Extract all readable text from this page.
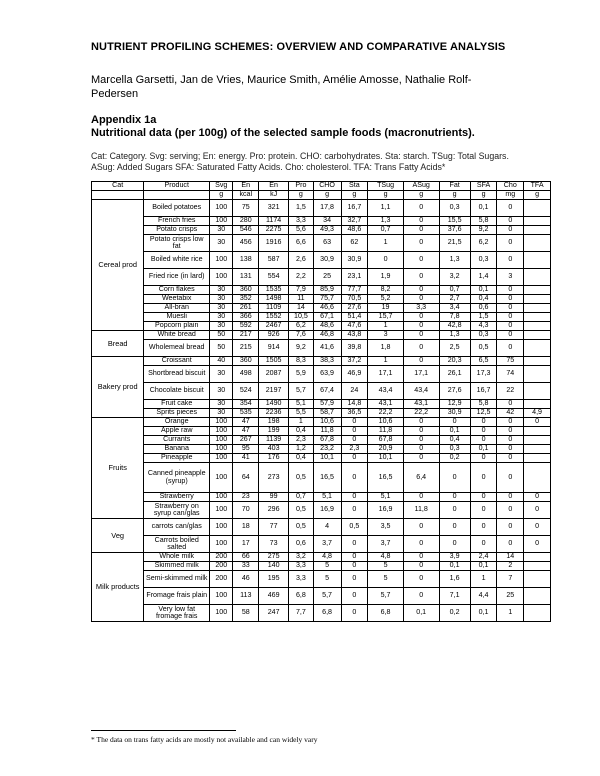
NUTRIENT PROFILING SCHEMES: OVERVIEW AND COMPARATIVE ANALYSIS
Marcella Garsetti, Jan de Vries, Maurice Smith, Amélie Amosse, Nathalie Rolf-Pedersen
Appendix 1a
Nutritional data (per 100g) of the selected sample foods (macronutrients).
Cat: Category. Svg: serving; En: energy. Pro: protein. CHO: carbohydrates. Sta: starch. TSug: Total Sugars. ASug: Added Sugars SFA: Saturated Fatty Acids. Cho: cholesterol. TFA: Trans Fatty Acids*
Cat	Product	Svg	En	En	Pro	CHO	Sta	TSug	ASug	Fat	SFA	Cho	TFA
		g	kcal	kJ	g	g	g	g	g	g	g	mg	g
Cereal prod	Boiled potatoes	100	75	321	1,5	17,8	16,7	1,1	0	0,3	0,1	0	
	French fries	100	280	1174	3,3	34	32,7	1,3	0	15,5	5,8	0	
	Potato crisps	30	546	2275	5,6	49,3	48,6	0,7	0	37,6	9,2	0	
	Potato crisps low fat	30	456	1916	6,6	63	62	1	0	21,5	6,2	0	
	Boiled white rice	100	138	587	2,6	30,9	30,9	0	0	1,3	0,3	0	
	Fried rice (in lard)	100	131	554	2,2	25	23,1	1,9	0	3,2	1,4	3	
	Corn flakes	30	360	1535	7,9	85,9	77,7	8,2	0	0,7	0,1	0	
	Weetabix	30	352	1498	11	75,7	70,5	5,2	0	2,7	0,4	0	
	All-bran	30	261	1109	14	46,6	27,6	19	3,3	3,4	0,6	0	
	Muesli	30	366	1552	10,5	67,1	51,4	15,7	0	7,8	1,5	0	
	Popcorn plain	30	592	2467	6,2	48,6	47,6	1	0	42,8	4,3	0	
Bread	White bread	50	217	926	7,6	46,8	43,8	3	0	1,3	0,3	0	
	Wholemeal bread	50	215	914	9,2	41,6	39,8	1,8	0	2,5	0,5	0	
Bakery prod	Croissant	40	360	1505	8,3	38,3	37,2	1	0	20,3	6,5	75	
	Shortbread biscuit	30	498	2087	5,9	63,9	46,9	17,1	17,1	26,1	17,3	74	
	Chocolate biscuit	30	524	2197	5,7	67,4	24	43,4	43,4	27,6	16,7	22	
	Fruit cake	30	354	1490	5,1	57,9	14,8	43,1	43,1	12,9	5,8	0	
	Sprits pieces	30	535	2236	5,5	58,7	36,5	22,2	22,2	30,9	12,5	42	4,9
Fruits	Orange	100	47	198	1	10,6	0	10,6	0	0	0	0	0
	Apple raw	100	47	199	0,4	11,8	0	11,8	0	0,1	0	0	
	Currants	100	267	1139	2,3	67,8	0	67,8	0	0,4	0	0	
	Banana	100	95	403	1,2	23,2	2,3	20,9	0	0,3	0,1	0	
	Pineapple	100	41	176	0,4	10,1	0	10,1	0	0,2	0	0	
	Canned pineapple (syrup)	100	64	273	0,5	16,5	0	16,5	6,4	0	0	0	
	Strawberry	100	23	99	0,7	5,1	0	5,1	0	0	0	0	0
	Strawberry on syrup can/glas	100	70	296	0,5	16,9	0	16,9	11,8	0	0	0	0
Veg	carrots can/glas	100	18	77	0,5	4	0,5	3,5	0	0	0	0	0
	Carrots boiled salted	100	17	73	0,6	3,7	0	3,7	0	0	0	0	0
Milk products	Whole milk	200	66	275	3,2	4,8	0	4,8	0	3,9	2,4	14	
	Skimmed milk	200	33	140	3,3	5	0	5	0	0,1	0,1	2	
	Semi-skimmed milk	200	46	195	3,3	5	0	5	0	1,6	1	7	
	Fromage frais plain	100	113	469	6,8	5,7	0	5,7	0	7,1	4,4	25	
	Very low fat fromage frais	100	58	247	7,7	6,8	0	6,8	0,1	0,2	0,1	1	
* The data on trans fatty acids are mostly not available and can widely vary
